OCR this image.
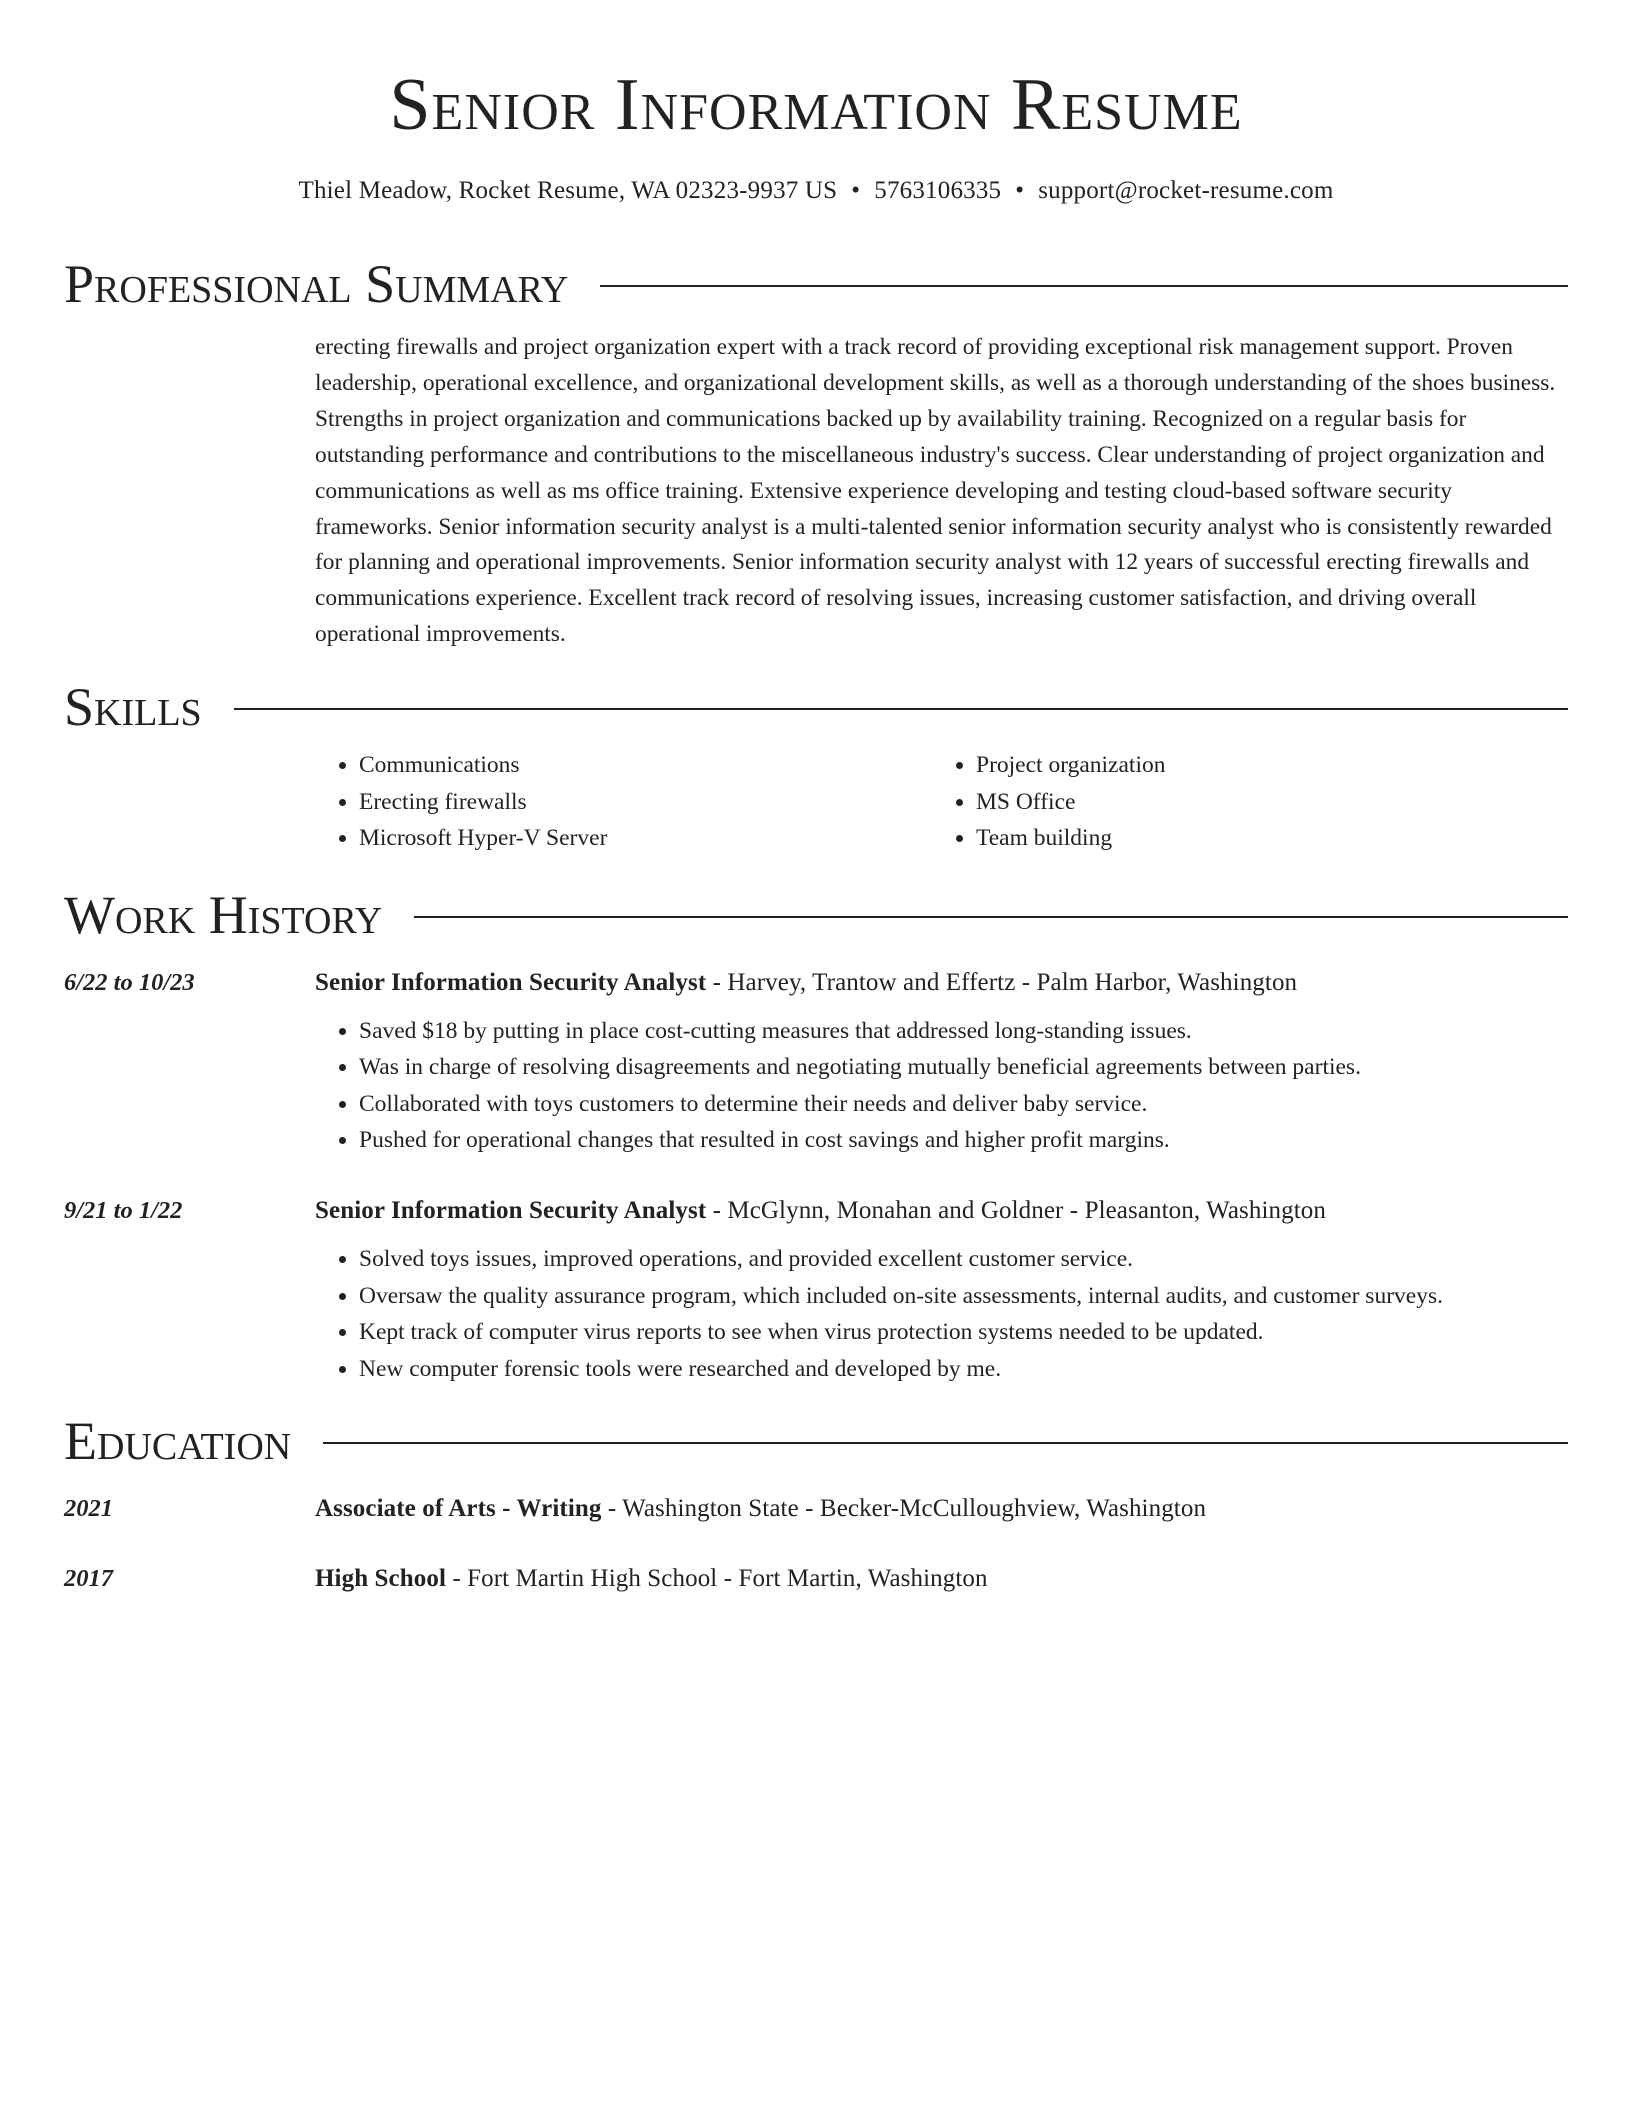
Senior Information Resume
Thiel Meadow, Rocket Resume, WA 02323-9937 US • 5763106335 • support@rocket-resume.com
Professional Summary
erecting firewalls and project organization expert with a track record of providing exceptional risk management support. Proven leadership, operational excellence, and organizational development skills, as well as a thorough understanding of the shoes business. Strengths in project organization and communications backed up by availability training. Recognized on a regular basis for outstanding performance and contributions to the miscellaneous industry's success. Clear understanding of project organization and communications as well as ms office training. Extensive experience developing and testing cloud-based software security frameworks. Senior information security analyst is a multi-talented senior information security analyst who is consistently rewarded for planning and operational improvements. Senior information security analyst with 12 years of successful erecting firewalls and communications experience. Excellent track record of resolving issues, increasing customer satisfaction, and driving overall operational improvements.
Skills
• Communications
• Erecting firewalls
• Microsoft Hyper-V Server
• Project organization
• MS Office
• Team building
Work History
6/22 to 10/23	Senior Information Security Analyst - Harvey, Trantow and Effertz - Palm Harbor, Washington
• Saved $18 by putting in place cost-cutting measures that addressed long-standing issues.
• Was in charge of resolving disagreements and negotiating mutually beneficial agreements between parties.
• Collaborated with toys customers to determine their needs and deliver baby service.
• Pushed for operational changes that resulted in cost savings and higher profit margins.
9/21 to 1/22	Senior Information Security Analyst - McGlynn, Monahan and Goldner - Pleasanton, Washington
• Solved toys issues, improved operations, and provided excellent customer service.
• Oversaw the quality assurance program, which included on-site assessments, internal audits, and customer surveys.
• Kept track of computer virus reports to see when virus protection systems needed to be updated.
• New computer forensic tools were researched and developed by me.
Education
2021	Associate of Arts - Writing - Washington State - Becker-McCulloughview, Washington
2017	High School - Fort Martin High School - Fort Martin, Washington
